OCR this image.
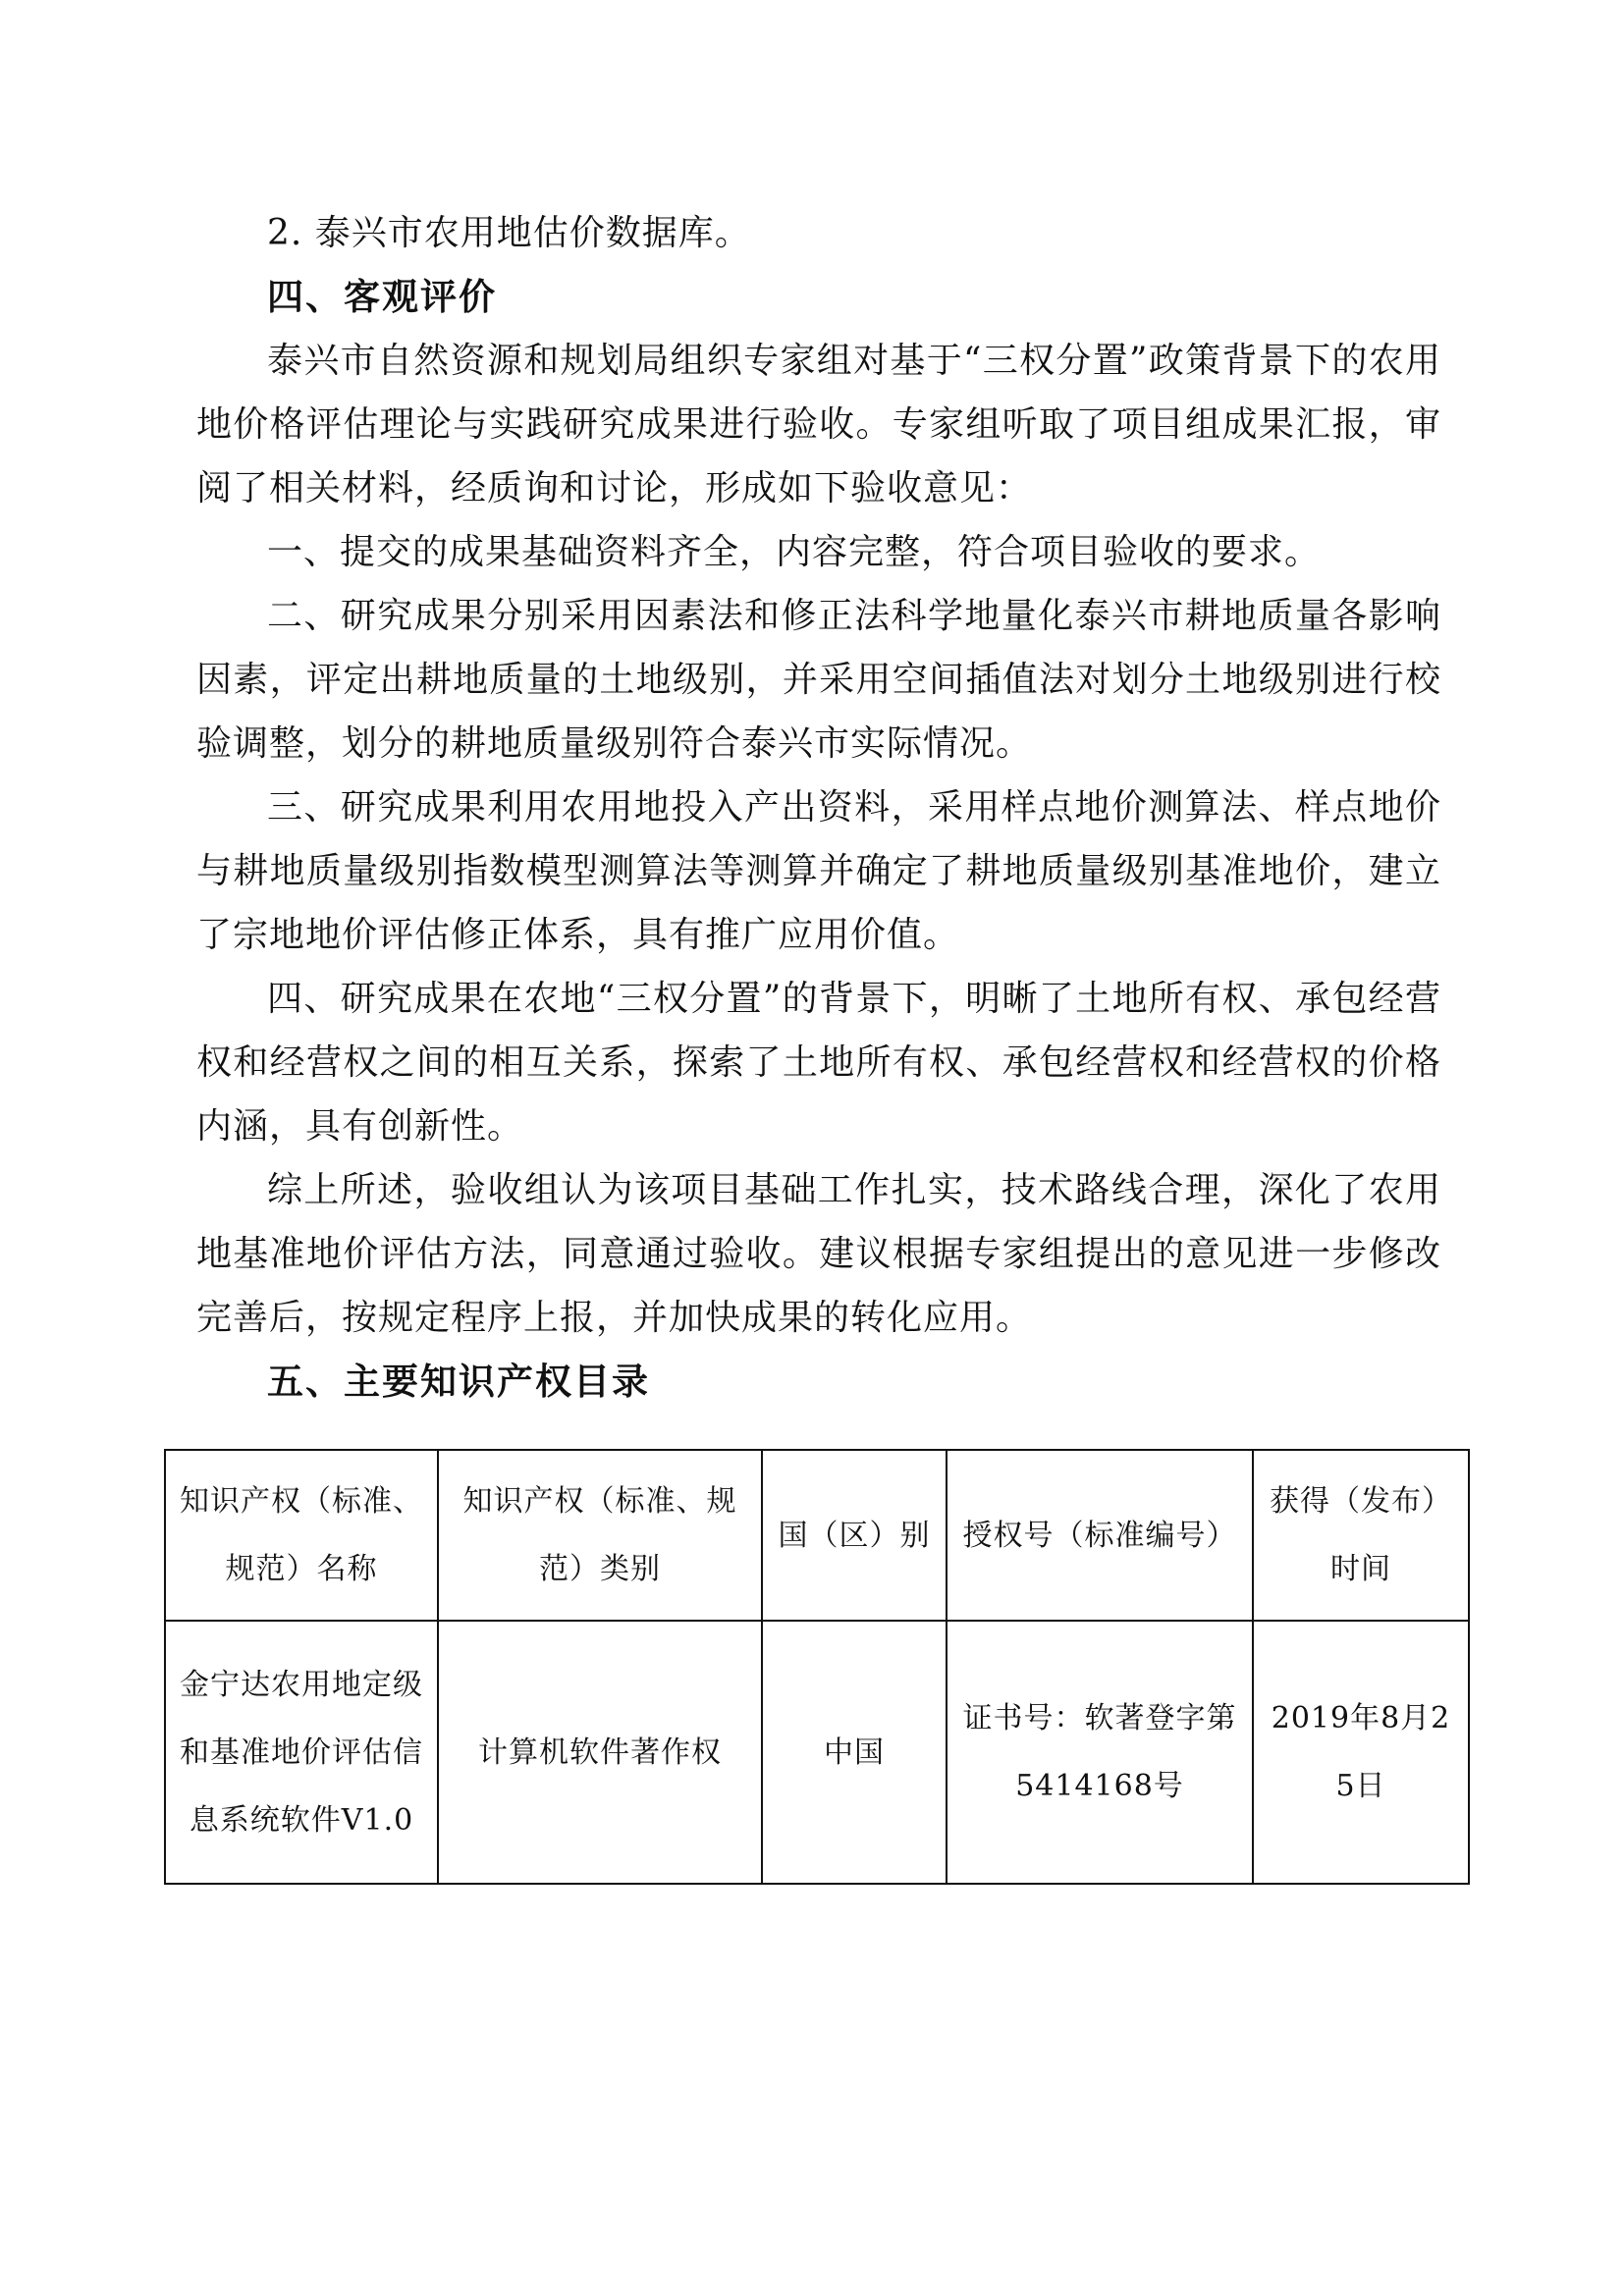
2. 泰兴市农用地估价数据库。

四、客观评价

泰兴市自然资源和规划局组织专家组对基于“三权分置”政策背景下的农用地价格评估理论与实践研究成果进行验收。专家组听取了项目组成果汇报，审阅了相关材料，经质询和讨论，形成如下验收意见：

一、提交的成果基础资料齐全，内容完整，符合项目验收的要求。

二、研究成果分别采用因素法和修正法科学地量化泰兴市耕地质量各影响因素，评定出耕地质量的土地级别，并采用空间插值法对划分土地级别进行校验调整，划分的耕地质量级别符合泰兴市实际情况。

三、研究成果利用农用地投入产出资料，采用样点地价测算法、样点地价与耕地质量级别指数模型测算法等测算并确定了耕地质量级别基准地价，建立了宗地地价评估修正体系，具有推广应用价值。

四、研究成果在农地“三权分置”的背景下，明晰了土地所有权、承包经营权和经营权之间的相互关系，探索了土地所有权、承包经营权和经营权的价格内涵，具有创新性。

综上所述，验收组认为该项目基础工作扎实，技术路线合理，深化了农用地基准地价评估方法，同意通过验收。建议根据专家组提出的意见进一步修改完善后，按规定程序上报，并加快成果的转化应用。

五、主要知识产权目录

知识产权（标准、规范）名称	知识产权（标准、规范）类别	国（区）别	授权号（标准编号）	获得（发布）时间
金宁达农用地定级和基准地价评估信息系统软件V1.0	计算机软件著作权	中国	证书号：软著登字第5414168号	2019年8月25日
